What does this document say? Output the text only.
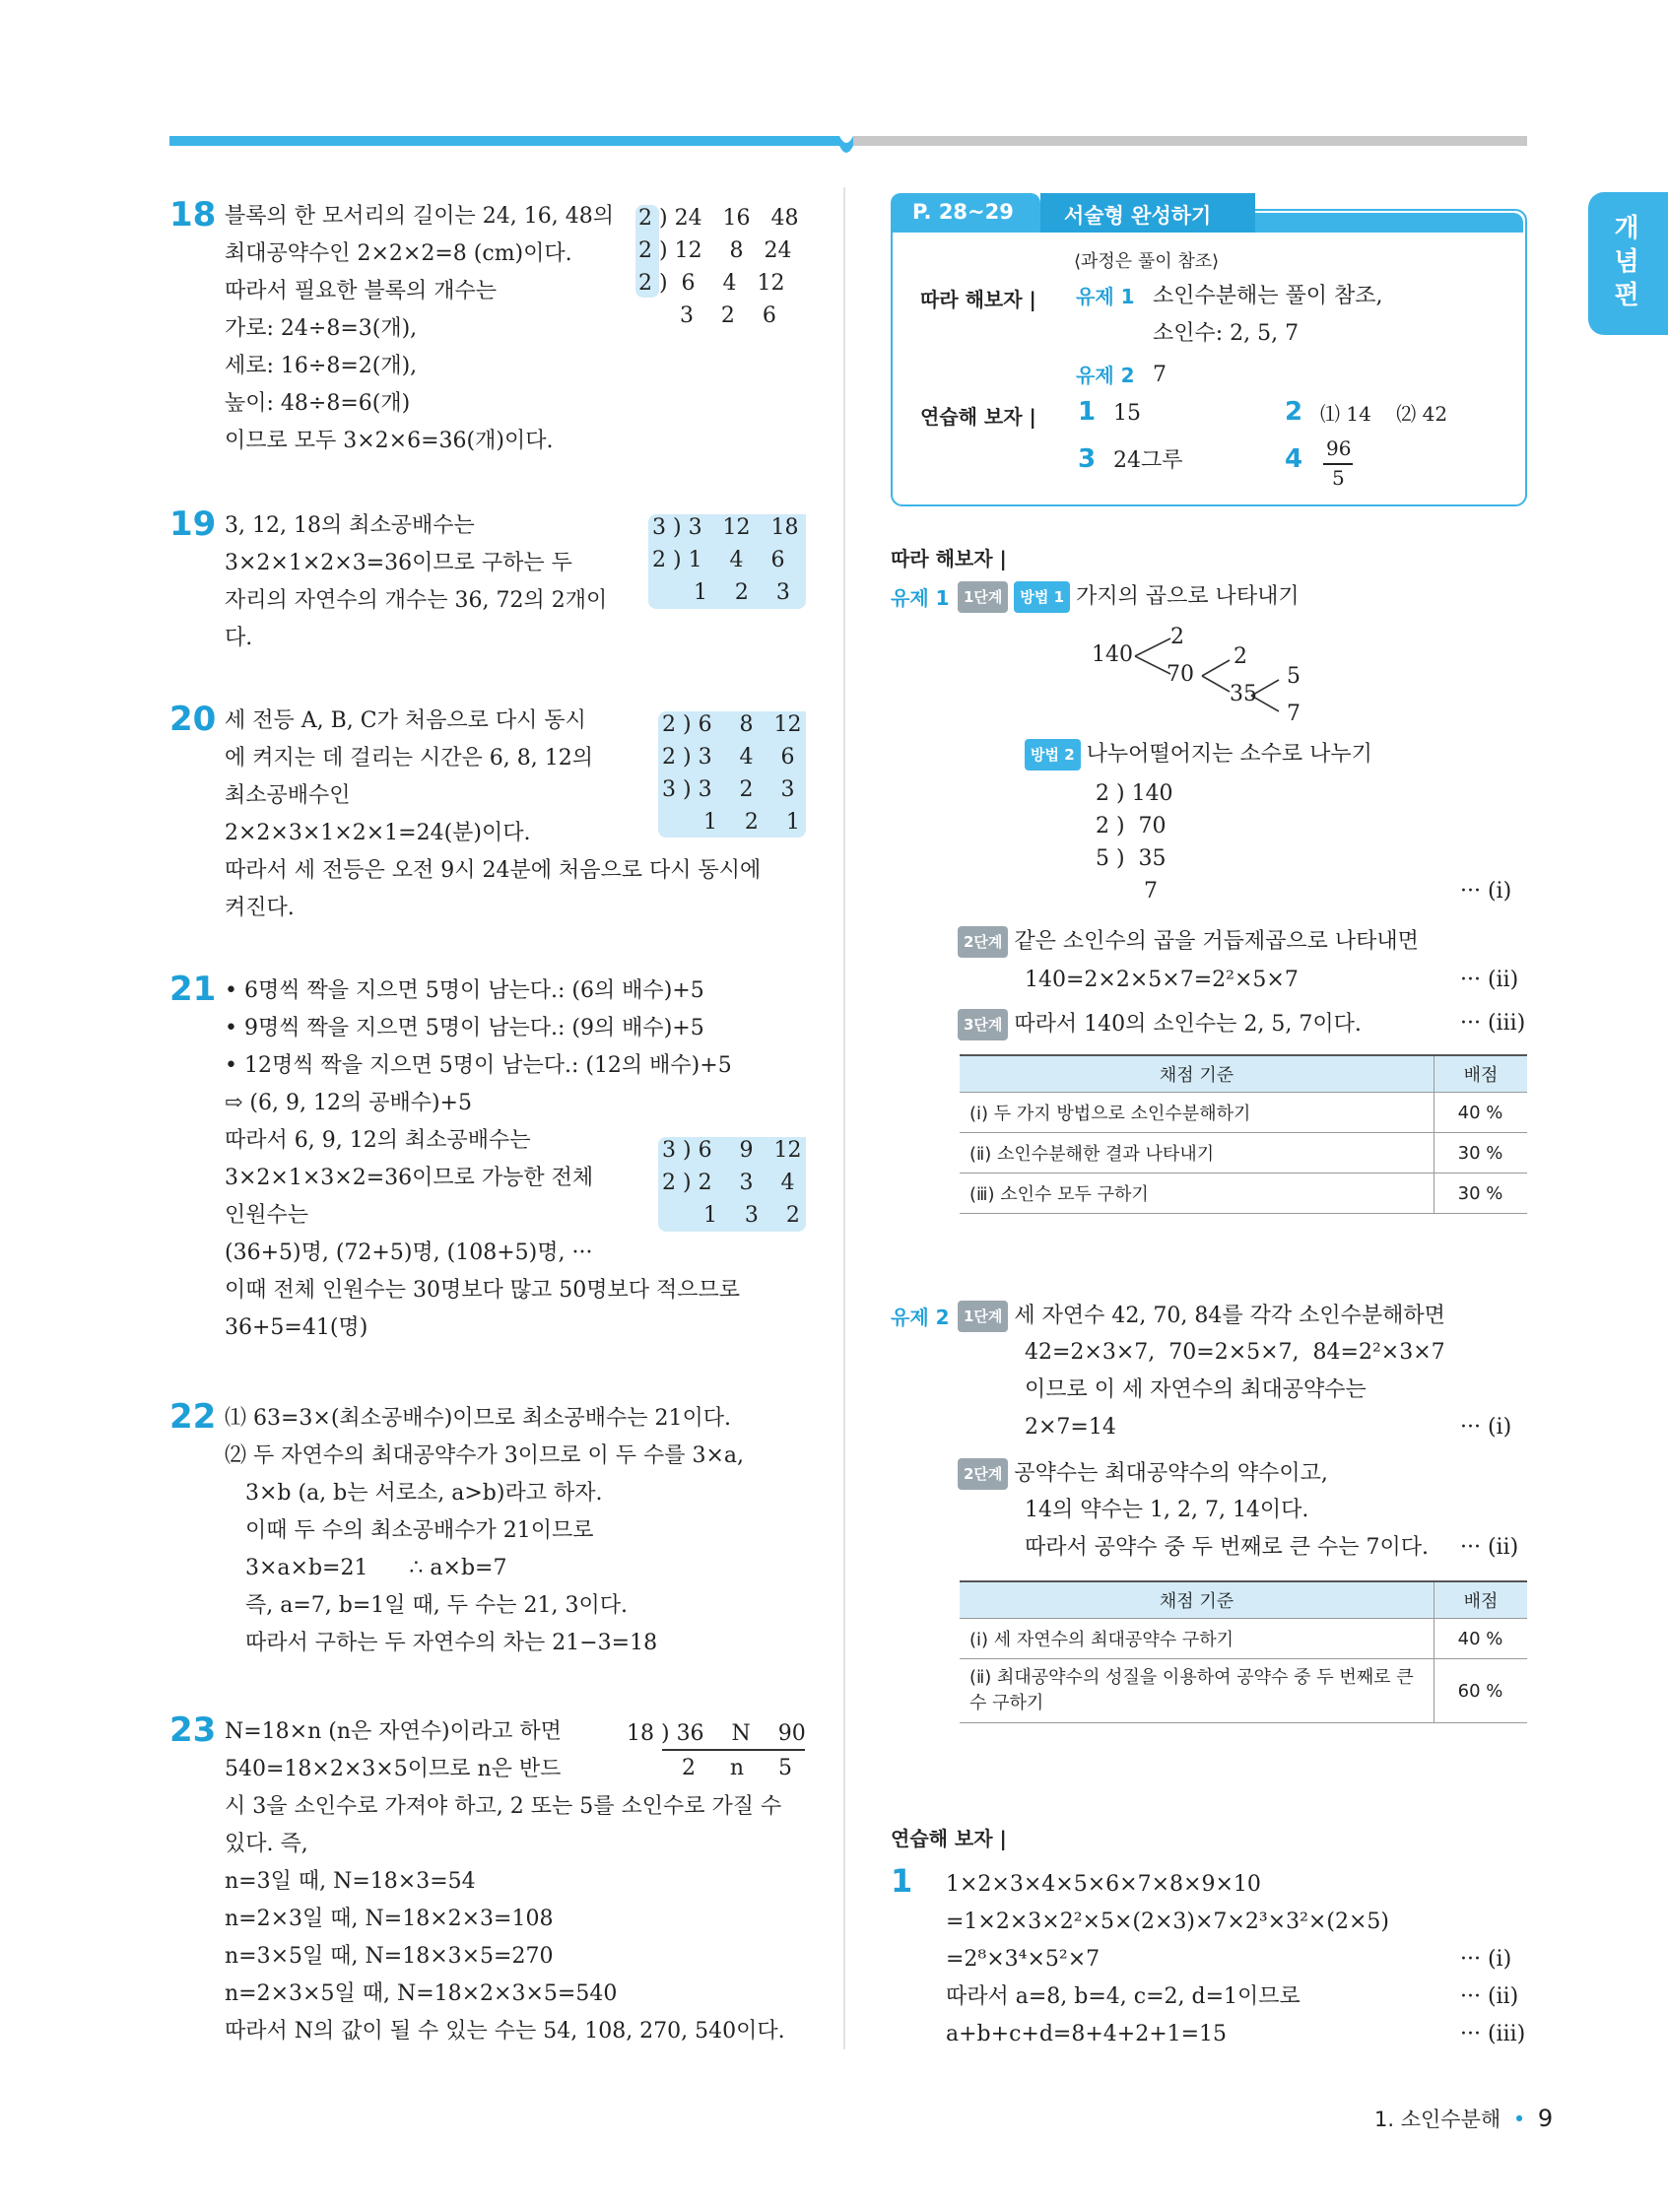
개념편
18 블록의 한 모서리의 길이는 24, 16, 48의
최대공약수인 2×2×2=8 (cm)이다.
따라서 필요한 블록의 개수는
가로: 24÷8=3(개),
세로: 16÷8=2(개),
높이: 48÷8=6(개)
이므로 모두 3×2×6=36(개)이다.
2 ) 24   16   48
2 ) 12    8   24
2 )  6    4   12
3    2    6
19 3, 12, 18의 최소공배수는
3×2×1×2×3=36이므로 구하는 두
자리의 자연수의 개수는 36, 72의 2개이
다.
3 ) 3   12   18
2 ) 1    4    6
1    2    3
20 세 전등 A, B, C가 처음으로 다시 동시
에 켜지는 데 걸리는 시간은 6, 8, 12의
최소공배수인
2×2×3×1×2×1=24(분)이다.
따라서 세 전등은 오전 9시 24분에 처음으로 다시 동시에
켜진다.
2 ) 6    8   12
2 ) 3    4    6
3 ) 3    2    3
1    2    1
21 • 6명씩 짝을 지으면 5명이 남는다.: (6의 배수)+5
• 9명씩 짝을 지으면 5명이 남는다.: (9의 배수)+5
• 12명씩 짝을 지으면 5명이 남는다.: (12의 배수)+5
⇨ (6, 9, 12의 공배수)+5
따라서 6, 9, 12의 최소공배수는
3×2×1×3×2=36이므로 가능한 전체
인원수는
(36+5)명, (72+5)명, (108+5)명, ···
이때 전체 인원수는 30명보다 많고 50명보다 적으므로
36+5=41(명)
3 ) 6    9   12
2 ) 2    3    4
1    3    2
22 ⑴ 63=3×(최소공배수)이므로 최소공배수는 21이다.
⑵ 두 자연수의 최대공약수가 3이므로 이 두 수를 3×a,
3×b (a, b는 서로소, a>b)라고 하자.
이때 두 수의 최소공배수가 21이므로
3×a×b=21      ∴ a×b=7
즉, a=7, b=1일 때, 두 수는 21, 3이다.
따라서 구하는 두 자연수의 차는 21−3=18
23 N=18×n (n은 자연수)이라고 하면
540=18×2×3×5이므로 n은 반드
시 3을 소인수로 가져야 하고, 2 또는 5를 소인수로 가질 수
있다. 즉,
n=3일 때, N=18×3=54
n=2×3일 때, N=18×2×3=108
n=3×5일 때, N=18×3×5=270
n=2×3×5일 때, N=18×2×3×5=540
따라서 N의 값이 될 수 있는 수는 54, 108, 270, 540이다.
18 ) 36    N    90
2     n     5
P. 28~29 서술형 완성하기
⟨과정은 풀이 참조⟩
따라 해보자 | 유제 1 소인수분해는 풀이 참조,
소인수: 2, 5, 7
유제 2 7
연습해 보자 | 1 15	2 ⑴ 14    ⑵ 42
3 24그루	4 96
5
따라 해보자 |
유제 1 1단계 방법 1 가지의 곱으로 나타내기
140
2
70
2
35
5
7
방법 2 나누어떨어지는 소수로 나누기
2 ) 140
2 )  70
5 )  35
7	··· (ⅰ)
2단계 같은 소인수의 곱을 거듭제곱으로 나타내면
140=2×2×5×7=2²×5×7	··· (ⅱ)
3단계 따라서 140의 소인수는 2, 5, 7이다.	··· (ⅲ)
채점 기준	배점
(ⅰ) 두 가지 방법으로 소인수분해하기	40 %
(ⅱ) 소인수분해한 결과 나타내기	30 %
(ⅲ) 소인수 모두 구하기	30 %
유제 2 1단계 세 자연수 42, 70, 84를 각각 소인수분해하면
42=2×3×7,  70=2×5×7,  84=2²×3×7
이므로 이 세 자연수의 최대공약수는
2×7=14	··· (ⅰ)
2단계 공약수는 최대공약수의 약수이고,
14의 약수는 1, 2, 7, 14이다.
따라서 공약수 중 두 번째로 큰 수는 7이다. ··· (ⅱ)
채점 기준	배점
(ⅰ) 세 자연수의 최대공약수 구하기	40 %
(ⅱ) 최대공약수의 성질을 이용하여 공약수 중 두 번째로 큰 수 구하기	60 %
연습해 보자 |
1 1×2×3×4×5×6×7×8×9×10
=1×2×3×2²×5×(2×3)×7×2³×3²×(2×5)
=2⁸×3⁴×5²×7	··· (ⅰ)
따라서 a=8, b=4, c=2, d=1이므로	··· (ⅱ)
a+b+c+d=8+4+2+1=15	··· (ⅲ)
1. 소인수분해 • 9
